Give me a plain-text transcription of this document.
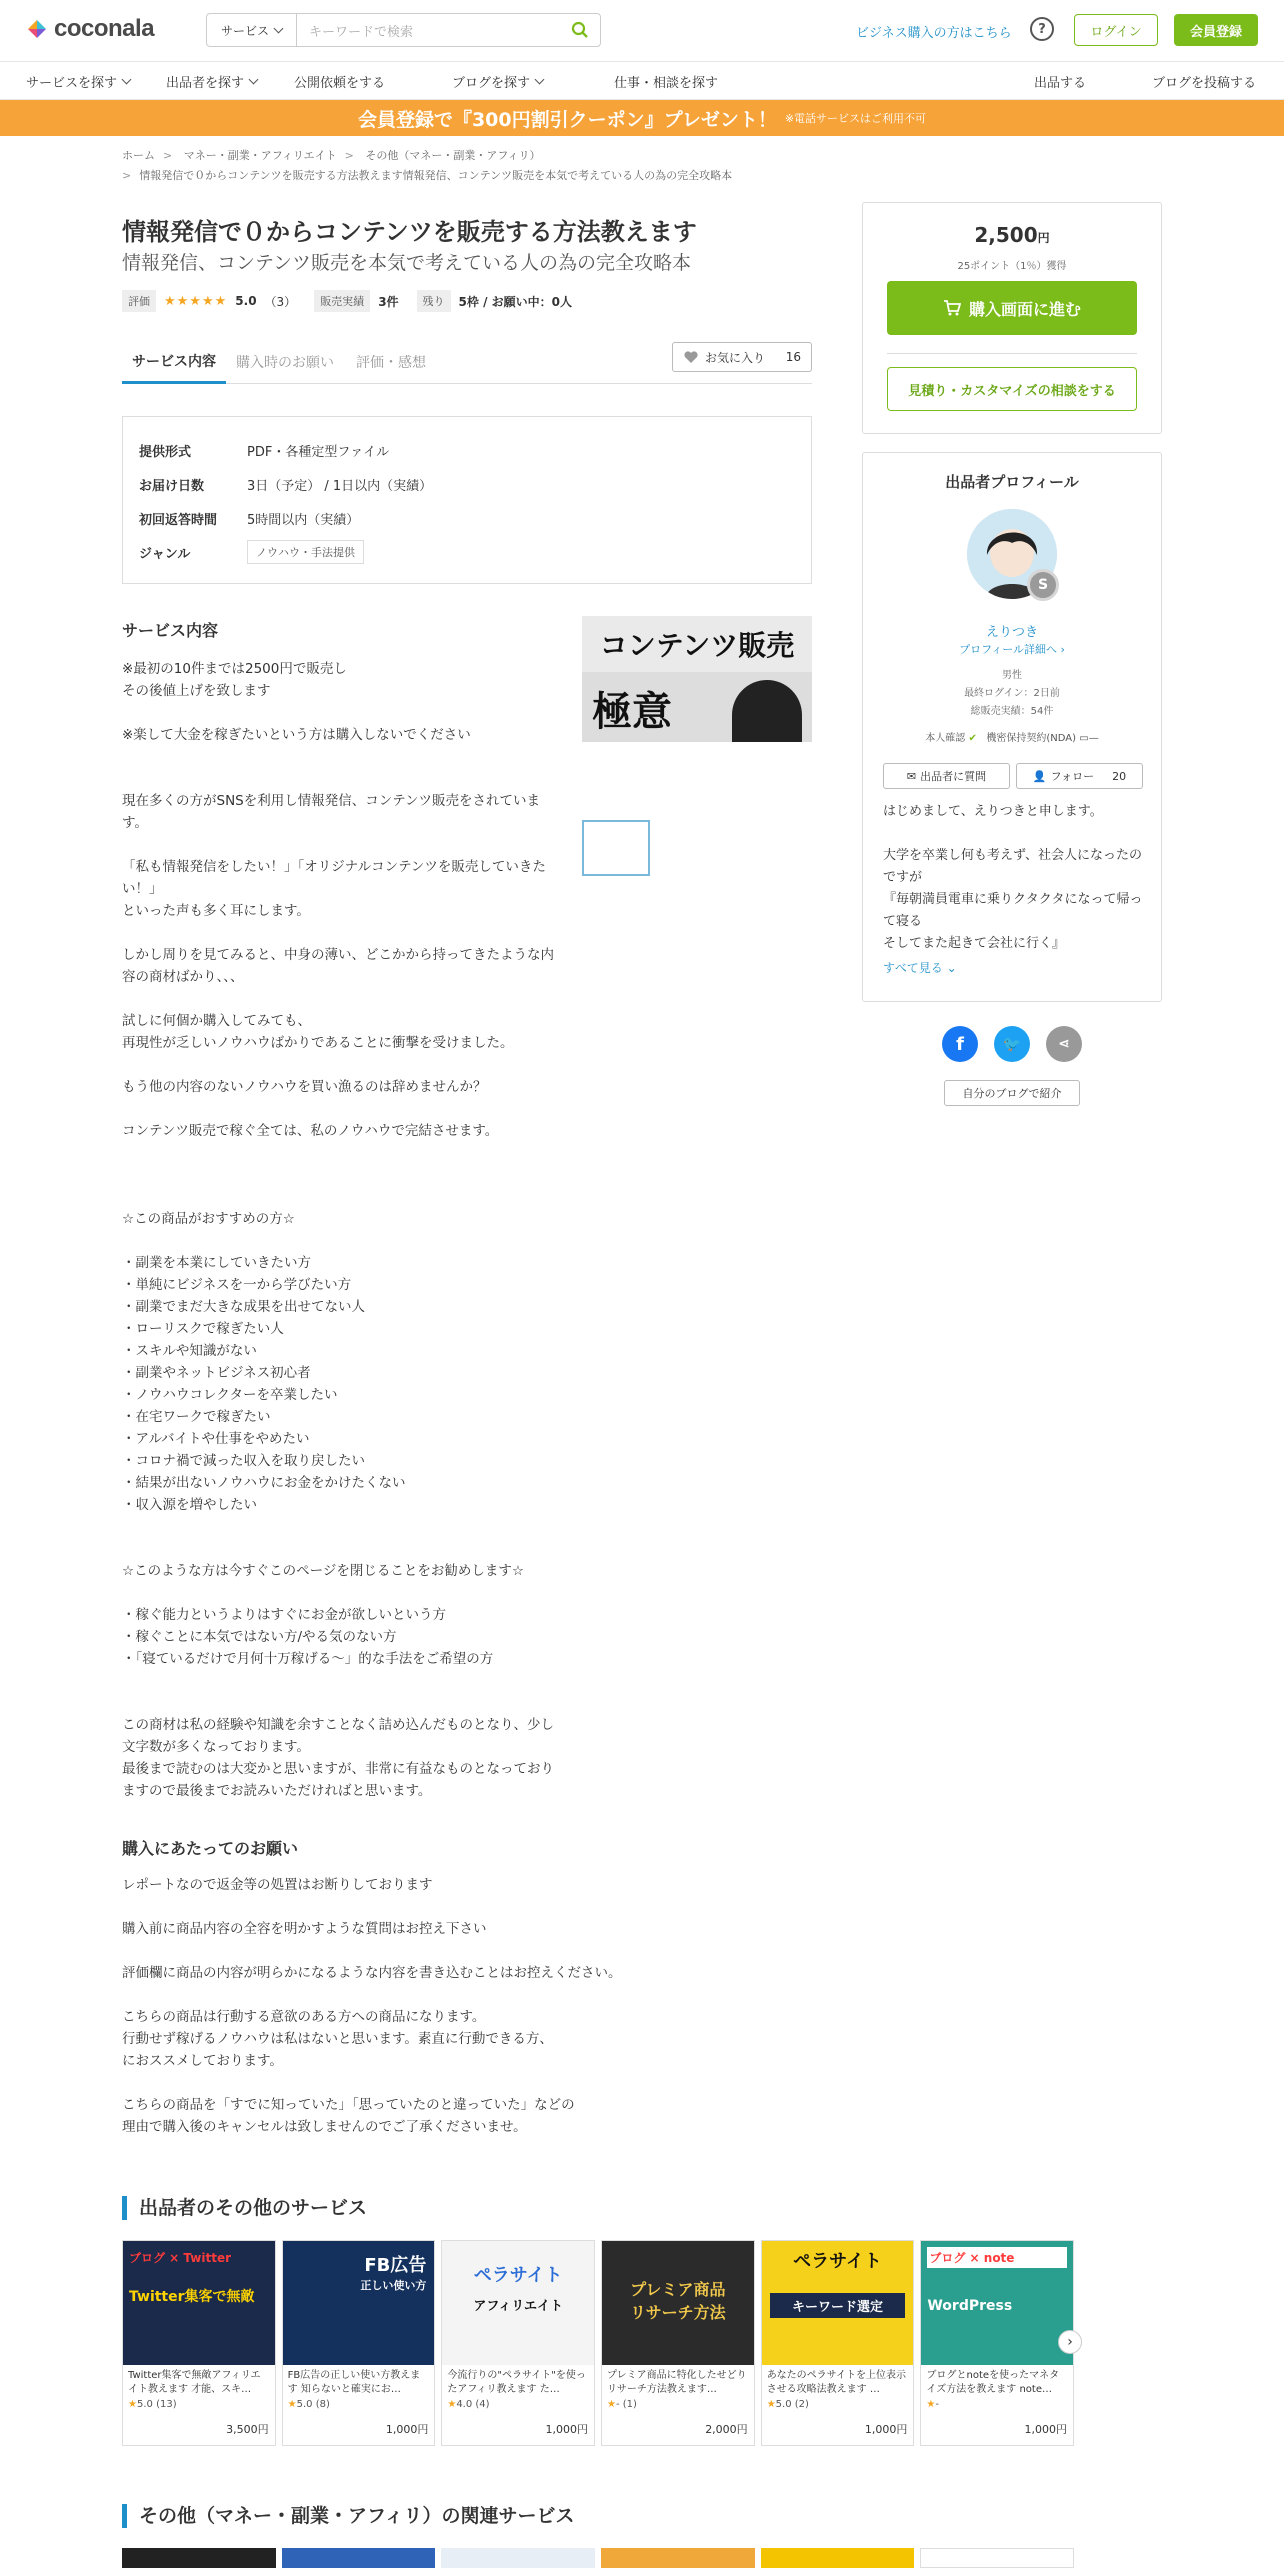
coconala	サービス	キーワードで検索	ビジネス購入の方はこちら	?	ログイン	会員登録
サービスを探す	出品者を探す	公開依頼をする	ブログを探す	仕事・相談を探す	出品する	ブログを投稿する
会員登録で『300円割引クーポン』プレゼント！ ※電話サービスはご利用不可
ホーム > マネー・副業・アフィリエイト > その他（マネー・副業・アフィリ）
> 情報発信で０からコンテンツを販売する方法教えます情報発信、コンテンツ販売を本気で考えている人の為の完全攻略本
情報発信で０からコンテンツを販売する方法教えます
情報発信、コンテンツ販売を本気で考えている人の為の完全攻略本
評価	★★★★★ 5.0 （3）	販売実績	3件	残り	5枠 / お願い中：0人
サービス内容	購入時のお願い 評価・感想	お気に入り 16
提供形式	PDF・各種定型ファイル
お届け日数	3日（予定） / 1日以内（実績）
初回返答時間	5時間以内（実績）
ジャンル	ノウハウ・手法提供
サービス内容	コンテンツ販売
極意
※最初の10件までは2500円で販売し
その後値上げを致します

※楽して大金を稼ぎたいという方は購入しないでください

現在多くの方がSNSを利用し情報発信、コンテンツ販売をされています。

「私も情報発信をしたい！」「オリジナルコンテンツを販売していきたい！」
といった声も多く耳にします。

しかし周りを見てみると、中身の薄い、どこかから持ってきたような内容の商材ばかり、、、

試しに何個か購入してみても、
再現性が乏しいノウハウばかりであることに衝撃を受けました。

もう他の内容のないノウハウを買い漁るのは辞めませんか？

コンテンツ販売で稼ぐ全ては、私のノウハウで完結させます。

☆この商品がおすすめの方☆

・副業を本業にしていきたい方
・単純にビジネスを一から学びたい方
・副業でまだ大きな成果を出せてない人
・ローリスクで稼ぎたい人
・スキルや知識がない
・副業やネットビジネス初心者
・ノウハウコレクターを卒業したい
・在宅ワークで稼ぎたい
・アルバイトや仕事をやめたい
・コロナ禍で減った収入を取り戻したい
・結果が出ないノウハウにお金をかけたくない
・収入源を増やしたい

☆このような方は今すぐこのページを閉じることをお勧めします☆

・稼ぐ能力というよりはすぐにお金が欲しいという方
・稼ぐことに本気ではない方/やる気のない方
・「寝ているだけで月何十万稼げる～」的な手法をご希望の方

この商材は私の経験や知識を余すことなく詰め込んだものとなり、少し文字数が多くなっております。
最後まで読むのは大変かと思いますが、非常に有益なものとなっておりますので最後までお読みいただければと思います。
購入にあたってのお願い
レポートなので返金等の処置はお断りしております

購入前に商品内容の全容を明かすような質問はお控え下さい

評価欄に商品の内容が明らかになるような内容を書き込むことはお控えください。

こちらの商品は行動する意欲のある方への商品になります。
行動せず稼げるノウハウは私はないと思います。素直に行動できる方、
におススメしております。

こちらの商品を「すでに知っていた」「思っていたのと違っていた」などの
理由で購入後のキャンセルは致しませんのでご了承くださいませ。
2,500円
25ポイント（1％）獲得
購入画面に進む
見積り・カスタマイズの相談をする
出品者プロフィール
S
えりつき
プロフィール詳細へ ›
男性
最終ログイン：2日前
総販売実績：54件
本人確認 ✔ 機密保持契約(NDA) ▭—
✉ 出品者に質問	👤 フォロー 20
はじめまして、えりつきと申します。

大学を卒業し何も考えず、社会人になったのですが
『毎朝満員電車に乗りクタクタになって帰って寝る
そしてまた起きて会社に行く』
すべて見る ⌄
f	🐦	⋖
自分のブログで紹介
出品者のその他のサービス
ブログ × Twitter
Twitter集客で無敵
Twitter集客で無敵アフィリエイト教えます 才能、スキ…
★5.0 (13)
3,500円
FB広告
正しい使い方
FB広告の正しい使い方教えます 知らないと確実にお…
★5.0 (8)
1,000円
ペラサイト
アフィリエイト
今流行りの"ペラサイト"を使ったアフィリ教えます た…
★4.0 (4)
1,000円
プレミア商品
リサーチ方法
プレミア商品に特化したせどりリサーチ方法教えます…
★- (1)
2,000円
ペラサイト
キーワード選定
あなたのペラサイトを上位表示させる攻略法教えます …
★5.0 (2)
1,000円
ブログ × note
WordPress
ブログとnoteを使ったマネタイズ方法を教えます note…
★-
1,000円
›
その他（マネー・副業・アフィリ）の関連サービス
